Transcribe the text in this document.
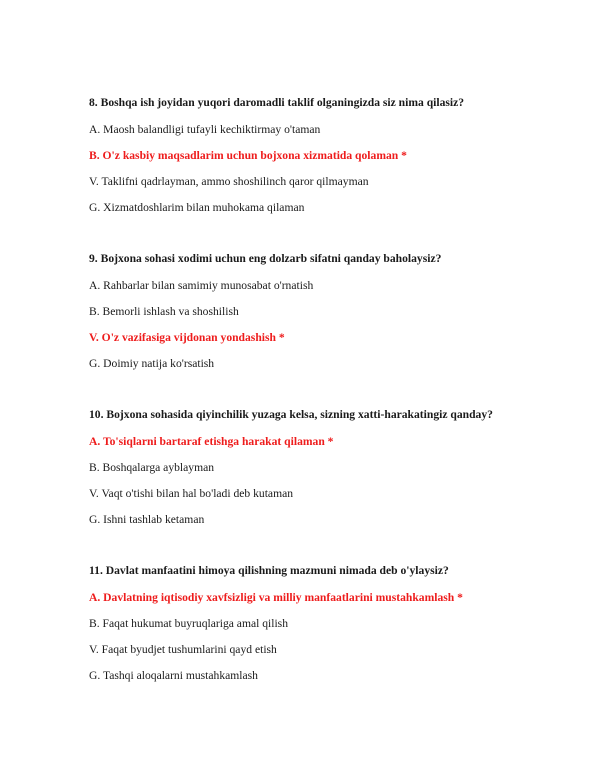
8. Boshqa ish joyidan yuqori daromadli taklif olganingizda siz nima qilasiz?

A. Maosh balandligi tufayli kechiktirmay o'taman

B. O'z kasbiy maqsadlarim uchun bojxona xizmatida qolaman *

V. Taklifni qadrlayman, ammo shoshilinch qaror qilmayman

G. Xizmatdoshlarim bilan muhokama qilaman

9. Bojxona sohasi xodimi uchun eng dolzarb sifatni qanday baholaysiz?

A. Rahbarlar bilan samimiy munosabat o'rnatish

B. Bemorli ishlash va shoshilish

V. O'z vazifasiga vijdonan yondashish *

G. Doimiy natija ko'rsatish

10. Bojxona sohasida qiyinchilik yuzaga kelsa, sizning xatti-harakatingiz qanday?

A. To'siqlarni bartaraf etishga harakat qilaman *

B. Boshqalarga ayblayman

V. Vaqt o'tishi bilan hal bo'ladi deb kutaman

G. Ishni tashlab ketaman

11. Davlat manfaatini himoya qilishning mazmuni nimada deb o'ylaysiz?

A. Davlatning iqtisodiy xavfsizligi va milliy manfaatlarini mustahkamlash *

B. Faqat hukumat buyruqlariga amal qilish

V. Faqat byudjet tushumlarini qayd etish

G. Tashqi aloqalarni mustahkamlash
